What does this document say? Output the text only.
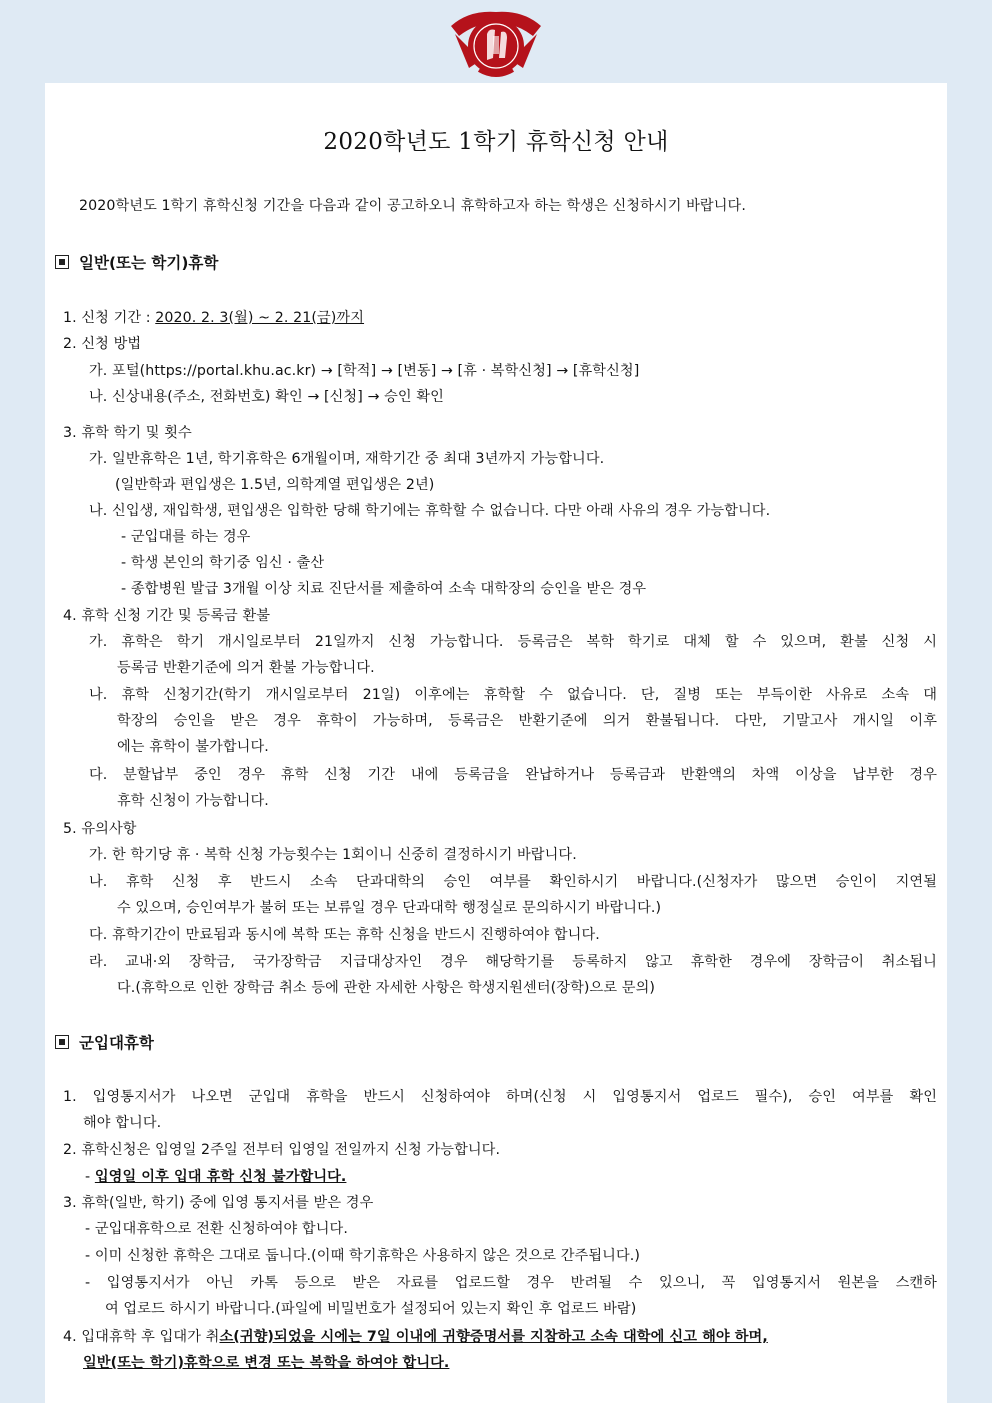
2020학년도 1학기 휴학신청 안내
2020학년도 1학기 휴학신청 기간을 다음과 같이 공고하오니 휴학하고자 하는 학생은 신청하시기 바랍니다.
일반(또는 학기)휴학
1. 신청 기간 : 2020. 2. 3(월) ~ 2. 21(금)까지
2. 신청 방법
가. 포털(https://portal.khu.ac.kr) → [학적] → [변동] → [휴 · 복학신청] → [휴학신청]
나. 신상내용(주소, 전화번호) 확인 → [신청] → 승인 확인
3. 휴학 학기 및 횟수
가. 일반휴학은 1년, 학기휴학은 6개월이며, 재학기간 중 최대 3년까지 가능합니다.
(일반학과 편입생은 1.5년, 의학계열 편입생은 2년)
나. 신입생, 재입학생, 편입생은 입학한 당해 학기에는 휴학할 수 없습니다. 다만 아래 사유의 경우 가능합니다.
- 군입대를 하는 경우
- 학생 본인의 학기중 임신 · 출산
- 종합병원 발급 3개월 이상 치료 진단서를 제출하여 소속 대학장의 승인을 받은 경우
4. 휴학 신청 기간 및 등록금 환불
가. 휴학은 학기 개시일로부터 21일까지 신청 가능합니다. 등록금은 복학 학기로 대체 할 수 있으며, 환불 신청 시
등록금 반환기준에 의거 환불 가능합니다.
나. 휴학 신청기간(학기 개시일로부터 21일) 이후에는 휴학할 수 없습니다. 단, 질병 또는 부득이한 사유로 소속 대
학장의 승인을 받은 경우 휴학이 가능하며, 등록금은 반환기준에 의거 환불됩니다. 다만, 기말고사 개시일 이후
에는 휴학이 불가합니다.
다. 분할납부 중인 경우 휴학 신청 기간 내에 등록금을 완납하거나 등록금과 반환액의 차액 이상을 납부한 경우
휴학 신청이 가능합니다.
5. 유의사항
가. 한 학기당 휴 · 복학 신청 가능횟수는 1회이니 신중히 결정하시기 바랍니다.
나. 휴학 신청 후 반드시 소속 단과대학의 승인 여부를 확인하시기 바랍니다.(신청자가 많으면 승인이 지연될
수 있으며, 승인여부가 불허 또는 보류일 경우 단과대학 행정실로 문의하시기 바랍니다.)
다. 휴학기간이 만료됨과 동시에 복학 또는 휴학 신청을 반드시 진행하여야 합니다.
라. 교내·외 장학금, 국가장학금 지급대상자인 경우 해당학기를 등록하지 않고 휴학한 경우에 장학금이 취소됩니
다.(휴학으로 인한 장학금 취소 등에 관한 자세한 사항은 학생지원센터(장학)으로 문의)
군입대휴학
1. 입영통지서가 나오면 군입대 휴학을 반드시 신청하여야 하며(신청 시 입영통지서 업로드 필수), 승인 여부를 확인
해야 합니다.
2. 휴학신청은 입영일 2주일 전부터 입영일 전일까지 신청 가능합니다.
- 입영일 이후 입대 휴학 신청 불가합니다.
3. 휴학(일반, 학기) 중에 입영 통지서를 받은 경우
- 군입대휴학으로 전환 신청하여야 합니다.
- 이미 신청한 휴학은 그대로 둡니다.(이때 학기휴학은 사용하지 않은 것으로 간주됩니다.)
- 입영통지서가 아닌 카톡 등으로 받은 자료를 업로드할 경우 반려될 수 있으니, 꼭 입영통지서 원본을 스캔하
여 업로드 하시기 바랍니다.(파일에 비밀번호가 설정되어 있는지 확인 후 업로드 바람)
4. 입대휴학 후 입대가 취소(귀향)되었을 시에는 7일 이내에 귀향증명서를 지참하고 소속 대학에 신고 해야 하며,
일반(또는 학기)휴학으로 변경 또는 복학을 하여야 합니다.
